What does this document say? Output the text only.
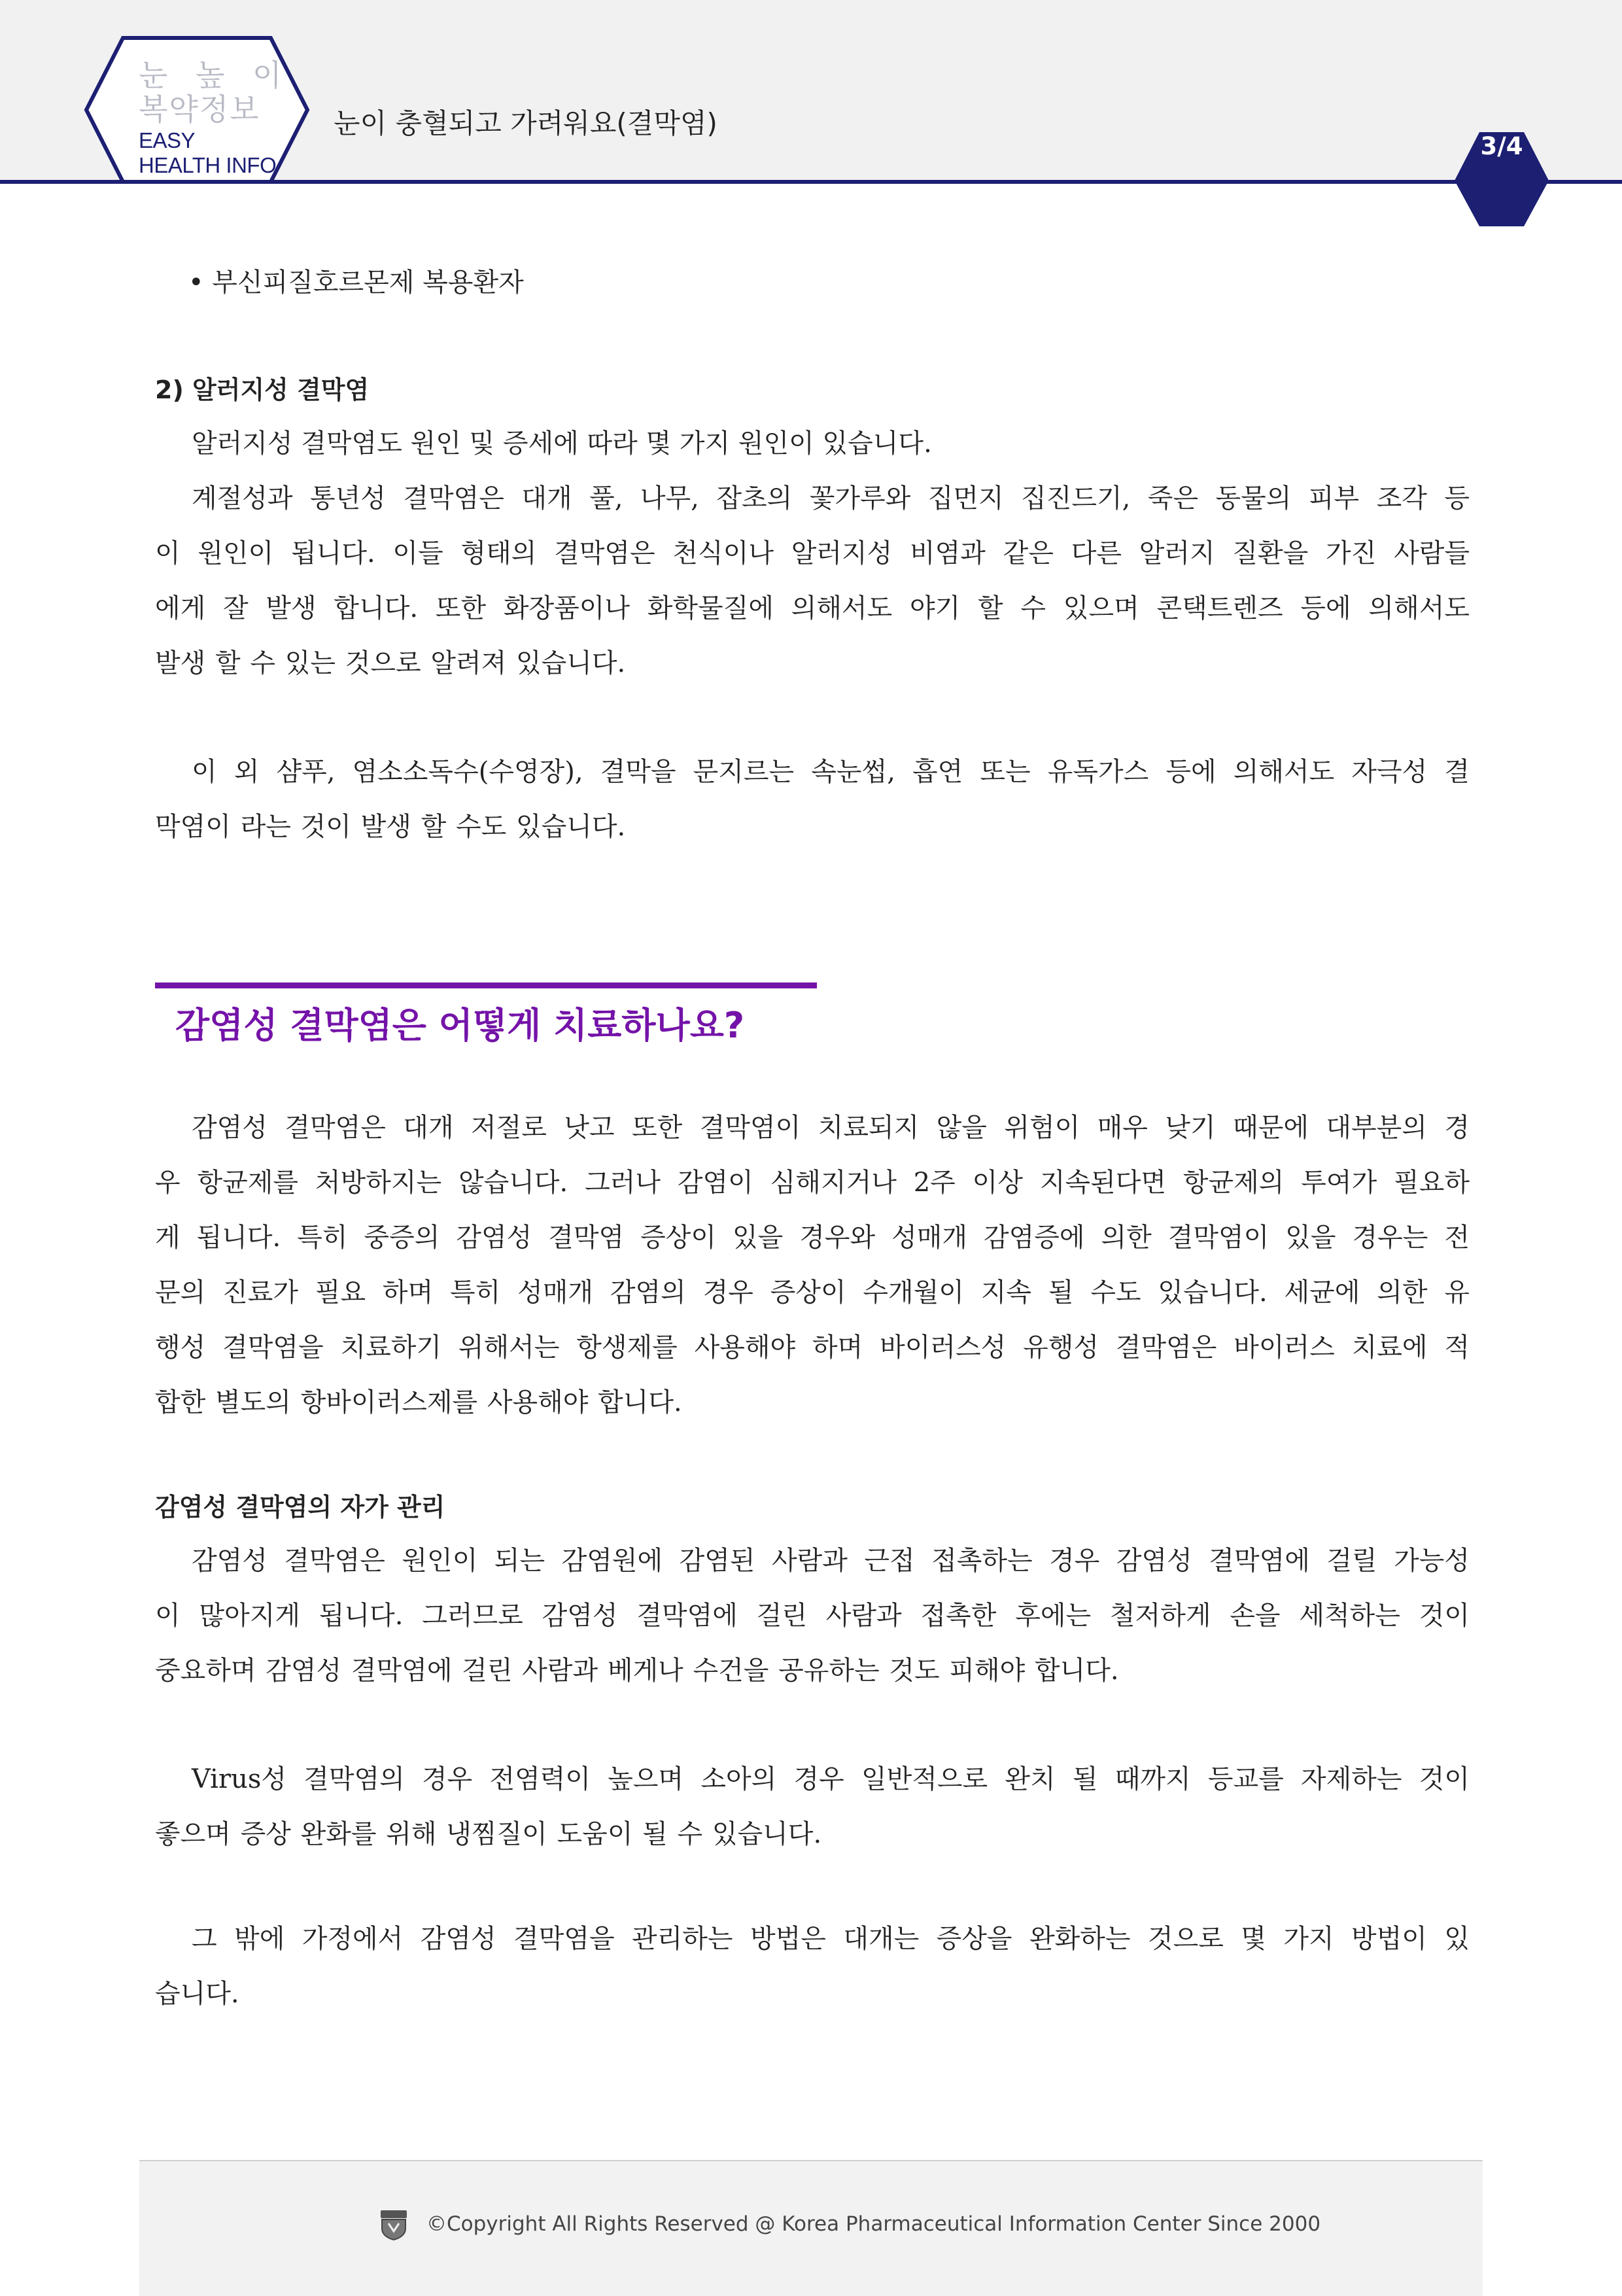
눈 높 이
복약정보
EASY
HEALTH INFO
눈이 충혈되고 가려워요(결막염)
3/4
• 부신피질호르몬제 복용환자
2) 알러지성 결막염
알러지성 결막염도 원인 및 증세에 따라 몇 가지 원인이 있습니다.

계절성과 통년성 결막염은 대개 풀, 나무, 잡초의 꽃가루와 집먼지 집진드기, 죽은 동물의 피부 조각 등

이 원인이 됩니다. 이들 형태의 결막염은 천식이나 알러지성 비염과 같은 다른 알러지 질환을 가진 사람들

에게 잘 발생 합니다. 또한 화장품이나 화학물질에 의해서도 야기 할 수 있으며 콘택트렌즈 등에 의해서도

발생 할 수 있는 것으로 알려져 있습니다.

이 외 샴푸, 염소소독수(수영장), 결막을 문지르는 속눈썹, 흡연 또는 유독가스 등에 의해서도 자극성 결

막염이 라는 것이 발생 할 수도 있습니다.

감염성 결막염은 어떻게 치료하나요?

감염성 결막염은 대개 저절로 낫고 또한 결막염이 치료되지 않을 위험이 매우 낮기 때문에 대부분의 경

우 항균제를 처방하지는 않습니다. 그러나 감염이 심해지거나 2주 이상 지속된다면 항균제의 투여가 필요하

게 됩니다. 특히 중증의 감염성 결막염 증상이 있을 경우와 성매개 감염증에 의한 결막염이 있을 경우는 전

문의 진료가 필요 하며 특히 성매개 감염의 경우 증상이 수개월이 지속 될 수도 있습니다. 세균에 의한 유

행성 결막염을 치료하기 위해서는 항생제를 사용해야 하며 바이러스성 유행성 결막염은 바이러스 치료에 적

합한 별도의 항바이러스제를 사용해야 합니다.

감염성 결막염의 자가 관리

감염성 결막염은 원인이 되는 감염원에 감염된 사람과 근접 접촉하는 경우 감염성 결막염에 걸릴 가능성

이 많아지게 됩니다. 그러므로 감염성 결막염에 걸린 사람과 접촉한 후에는 철저하게 손을 세척하는 것이

중요하며 감염성 결막염에 걸린 사람과 베게나 수건을 공유하는 것도 피해야 합니다.

Virus성 결막염의 경우 전염력이 높으며 소아의 경우 일반적으로 완치 될 때까지 등교를 자제하는 것이

좋으며 증상 완화를 위해 냉찜질이 도움이 될 수 있습니다.

그 밖에 가정에서 감염성 결막염을 관리하는 방법은 대개는 증상을 완화하는 것으로 몇 가지 방법이 있

습니다.

©Copyright All Rights Reserved @ Korea Pharmaceutical Information Center Since 2000
